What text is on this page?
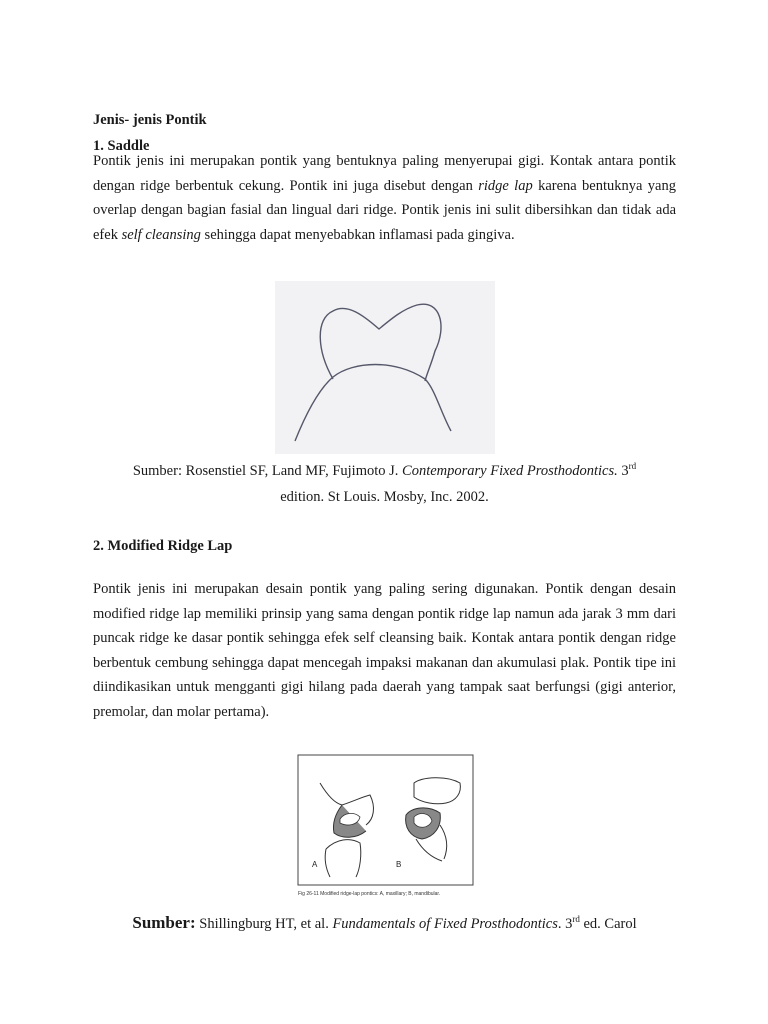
Jenis- jenis Pontik

1. Saddle

Pontik jenis ini merupakan pontik yang bentuknya paling menyerupai gigi. Kontak antara pontik dengan ridge berbentuk cekung. Pontik ini juga disebut dengan ridge lap karena bentuknya yang overlap dengan bagian fasial dan lingual dari ridge. Pontik jenis ini sulit dibersihkan dan tidak ada efek self cleansing sehingga dapat menyebabkan inflamasi pada gingiva.

Sumber: Rosenstiel SF, Land MF, Fujimoto J. Contemporary Fixed Prosthodontics. 3rd
edition. St Louis. Mosby, Inc. 2002.

2. Modified Ridge Lap

Pontik jenis ini merupakan desain pontik yang paling sering digunakan. Pontik dengan desain modified ridge lap memiliki prinsip yang sama dengan pontik ridge lap namun ada jarak 3 mm dari puncak ridge ke dasar pontik sehingga efek self cleansing baik. Kontak antara pontik dengan ridge berbentuk cembung sehingga dapat mencegah impaksi makanan dan akumulasi plak. Pontik tipe ini diindikasikan untuk mengganti gigi hilang pada daerah yang tampak saat berfungsi (gigi anterior, premolar, dan molar pertama).

A	B
Fig 26-11 Modified ridge-lap pontics: A, maxillary; B, mandibular.

Sumber: Shillingburg HT, et al. Fundamentals of Fixed Prosthodontics. 3rd ed. Carol
